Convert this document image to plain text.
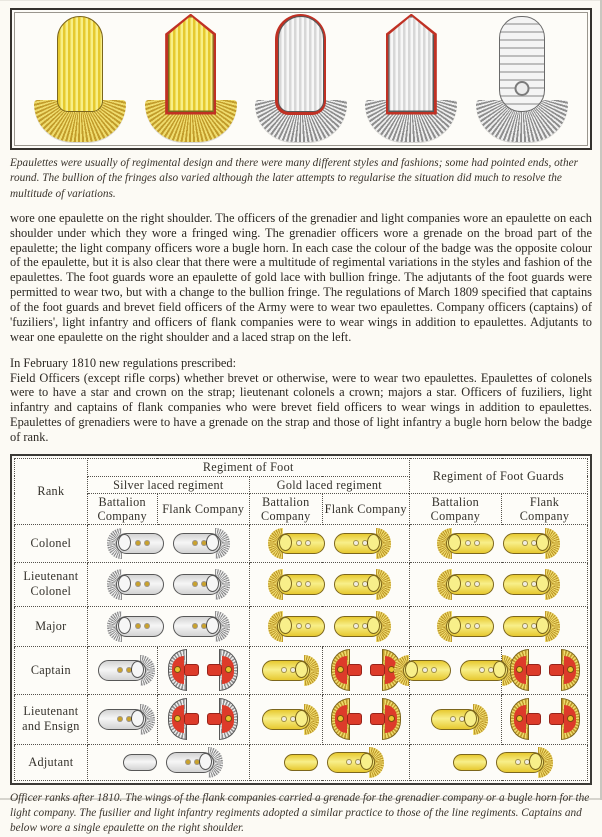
Epaulettes were usually of regimental design and there were many different styles and fashions; some had pointed ends, other round. The bullion of the fringes also varied although the later attempts to regularise the situation did much to resolve the multitude of variations.

wore one epaulette on the right shoulder. The officers of the grenadier and light companies wore an epaulette on each shoulder under which they wore a fringed wing. The grenadier officers wore a grenade on the broad part of the epaulette; the light company officers wore a bugle horn. In each case the colour of the badge was the opposite colour of the epaulette, but it is also clear that there were a multitude of regimental variations in the styles and fashion of the epaulettes. The foot guards wore an epaulette of gold lace with bullion fringe. The adjutants of the foot guards were permitted to wear two, but with a change to the bullion fringe. The regulations of March 1809 specified that captains of the foot guards and brevet field officers of the Army were to wear two epaulettes. Company officers (captains) of 'fuziliers', light infantry and officers of flank companies were to wear wings in addition to epaulettes. Adjutants to wear one epaulette on the right shoulder and a laced strap on the left.

In February 1810 new regulations prescribed:

Field Officers (except rifle corps) whether brevet or otherwise, were to wear two epaulettes. Epaulettes of colonels were to have a star and crown on the strap; lieutenant colonels a crown; majors a star. Officers of fuziliers, light infantry and captains of flank companies who were brevet field officers to wear wings in addition to epaulettes. Epaulettes of grenadiers were to have a grenade on the strap and those of light infantry a bugle horn below the badge of rank.

Rank	Regiment of Foot				Regiment of Foot Guards	
	Silver laced regiment		Gold laced regiment			
	Battalion Company	Flank Company	Battalion Company	Flank Company	Battalion Company	Flank Company
Colonel				

Lieutenant Colonel				

Major				

Captain	

Lieutenant and Ensign	

Adjutant				

Officer ranks after 1810. The wings of the flank companies carried a grenade for the grenadier company or a bugle horn for the light company. The fusilier and light infantry regiments adopted a similar practice to those of the line regiments. Captains and below wore a single epaulette on the right shoulder.
